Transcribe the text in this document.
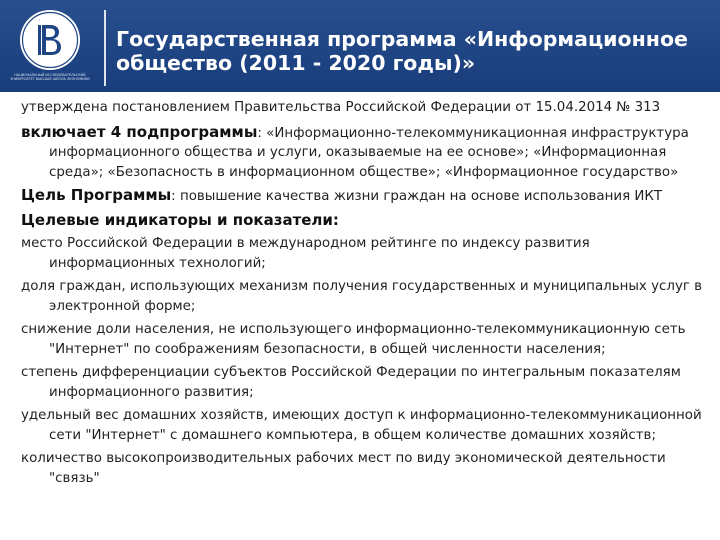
ʼ
НАЦИОНАЛЬНЫЙ ИССЛЕДОВАТЕЛЬСКИЙ УНИВЕРСИТЕТ ВЫСШАЯ ШКОЛА ЭКОНОМИКИ
Государственная программа «Информационное
общество (2011 - 2020 годы)»

утверждена постановлением Правительства Российской Федерации от 15.04.2014 № 313

включает 4 подпрограммы: «Информационно-телекоммуникационная инфраструктура информационного общества и услуги, оказываемые на ее основе»; «Информационная среда»; «Безопасность в информационном обществе»; «Информационное государство»

Цель Программы: повышение качества жизни граждан на основе использования ИКТ

Целевые индикаторы и показатели:

место Российской Федерации в международном рейтинге по индексу развития информационных технологий;

доля граждан, использующих механизм получения государственных и муниципальных услуг в электронной форме;

снижение доли населения, не использующего информационно-телекоммуникационную сеть "Интернет" по соображениям безопасности, в общей численности населения;

степень дифференциации субъектов Российской Федерации по интегральным показателям информационного развития;

удельный вес домашних хозяйств, имеющих доступ к информационно-телекоммуникационной сети "Интернет" с домашнего компьютера, в общем количестве домашних хозяйств;

количество высокопроизводительных рабочих мест по виду экономической деятельности "связь"
